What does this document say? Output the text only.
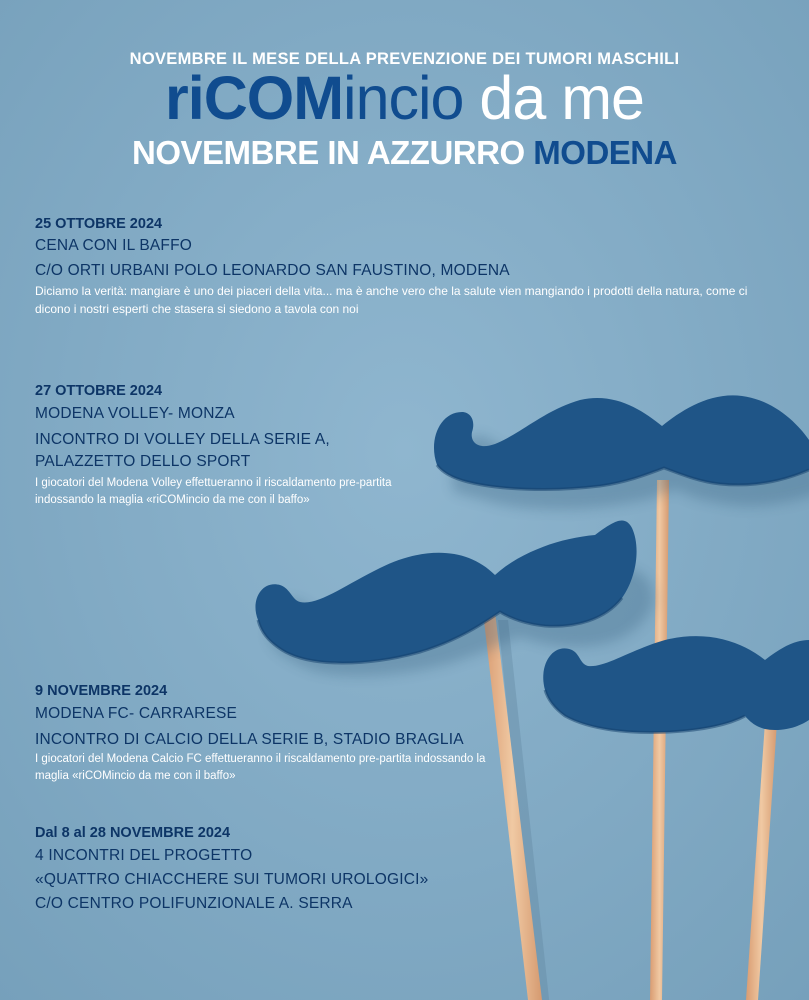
NOVEMBRE IL MESE DELLA PREVENZIONE DEI TUMORI MASCHILI
riCOMincio da me
NOVEMBRE IN AZZURRO MODENA
25 OTTOBRE 2024
CENA CON IL BAFFO
C/O ORTI URBANI POLO LEONARDO SAN FAUSTINO, MODENA
Diciamo la verità: mangiare è uno dei piaceri della vita... ma è anche vero che la salute vien mangiando i prodotti della natura, come ci dicono i nostri esperti che stasera si siedono a tavola con noi
27 OTTOBRE 2024
MODENA VOLLEY- MONZA
INCONTRO DI VOLLEY DELLA SERIE A,
PALAZZETTO DELLO SPORT
I giocatori del Modena Volley effettueranno il riscaldamento pre-partita indossando la maglia «riCOMincio da me con il baffo»
9 NOVEMBRE 2024
MODENA FC- CARRARESE
INCONTRO DI CALCIO DELLA SERIE B, STADIO BRAGLIA
I giocatori del Modena Calcio FC effettueranno il riscaldamento pre-partita indossando la maglia «riCOMincio da me con il baffo»
Dal 8 al 28 NOVEMBRE 2024
4 INCONTRI DEL PROGETTO
«QUATTRO CHIACCHERE SUI TUMORI UROLOGICI»
C/O CENTRO POLIFUNZIONALE A. SERRA
